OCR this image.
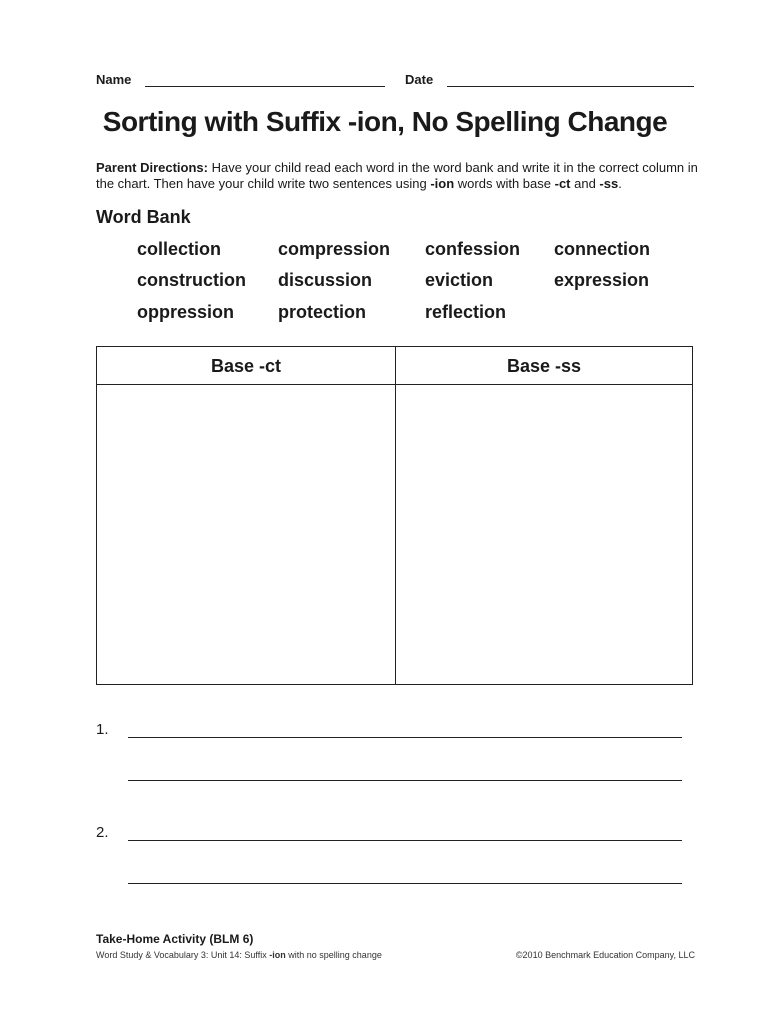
Name	Date
Sorting with Suffix -ion, No Spelling Change
Parent Directions: Have your child read each word in the word bank and write it in the correct column in the chart. Then have your child write two sentences using -ion words with base -ct and -ss.
Word Bank
collection	compression confession connection
construction discussion	eviction	expression
oppression protection	reflection
Base -ct	Base -ss
1.
2.
Take-Home Activity (BLM 6)
Word Study & Vocabulary 3: Unit 14: Suffix -ion with no spelling change	©2010 Benchmark Education Company, LLC
